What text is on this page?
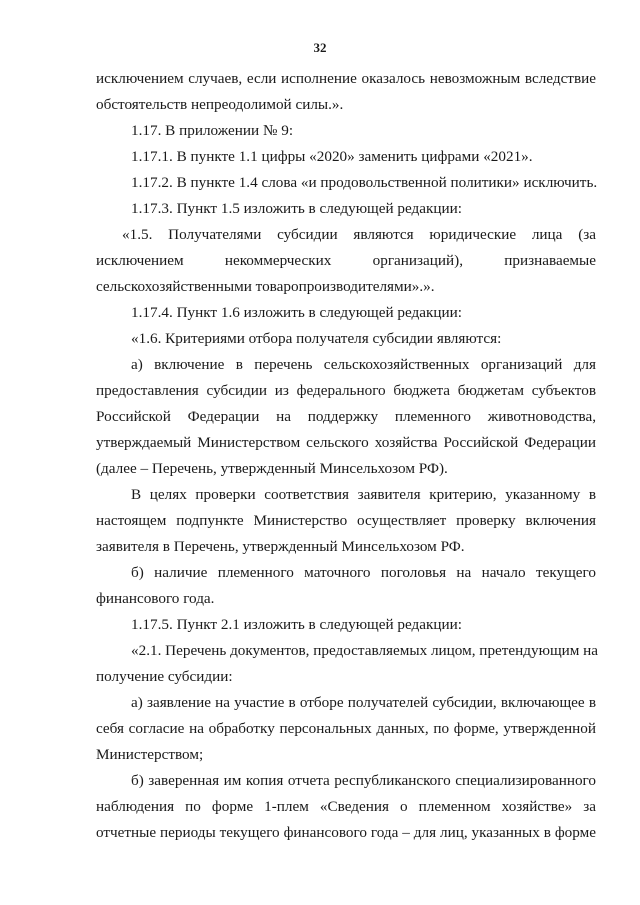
32
исключением случаев, если исполнение оказалось невозможным вследствие
обстоятельств непреодолимой силы.».
1.17. В приложении № 9:
1.17.1. В пункте 1.1 цифры «2020» заменить цифрами «2021».
1.17.2. В пункте 1.4 слова «и продовольственной политики» исключить.
1.17.3. Пункт 1.5 изложить в следующей редакции:
«1.5. Получателями субсидии являются юридические лица (за
исключением некоммерческих организаций), признаваемые
сельскохозяйственными товаропроизводителями».».
1.17.4. Пункт 1.6 изложить в следующей редакции:
«1.6. Критериями отбора получателя субсидии являются:
а) включение в перечень сельскохозяйственных организаций для
предоставления субсидии из федерального бюджета бюджетам субъектов
Российской Федерации на поддержку племенного животноводства,
утверждаемый Министерством сельского хозяйства Российской Федерации
(далее – Перечень, утвержденный Минсельхозом РФ).
В целях проверки соответствия заявителя критерию, указанному в
настоящем подпункте Министерство осуществляет проверку включения
заявителя в Перечень, утвержденный Минсельхозом РФ.
б) наличие племенного маточного поголовья на начало текущего
финансового года.
1.17.5. Пункт 2.1 изложить в следующей редакции:
«2.1. Перечень документов, предоставляемых лицом, претендующим на
получение субсидии:
а) заявление на участие в отборе получателей субсидии, включающее в
себя согласие на обработку персональных данных, по форме, утвержденной
Министерством;
б) заверенная им копия отчета республиканского специализированного
наблюдения по форме 1-плем «Сведения о племенном хозяйстве» за
отчетные периоды текущего финансового года – для лиц, указанных в форме
